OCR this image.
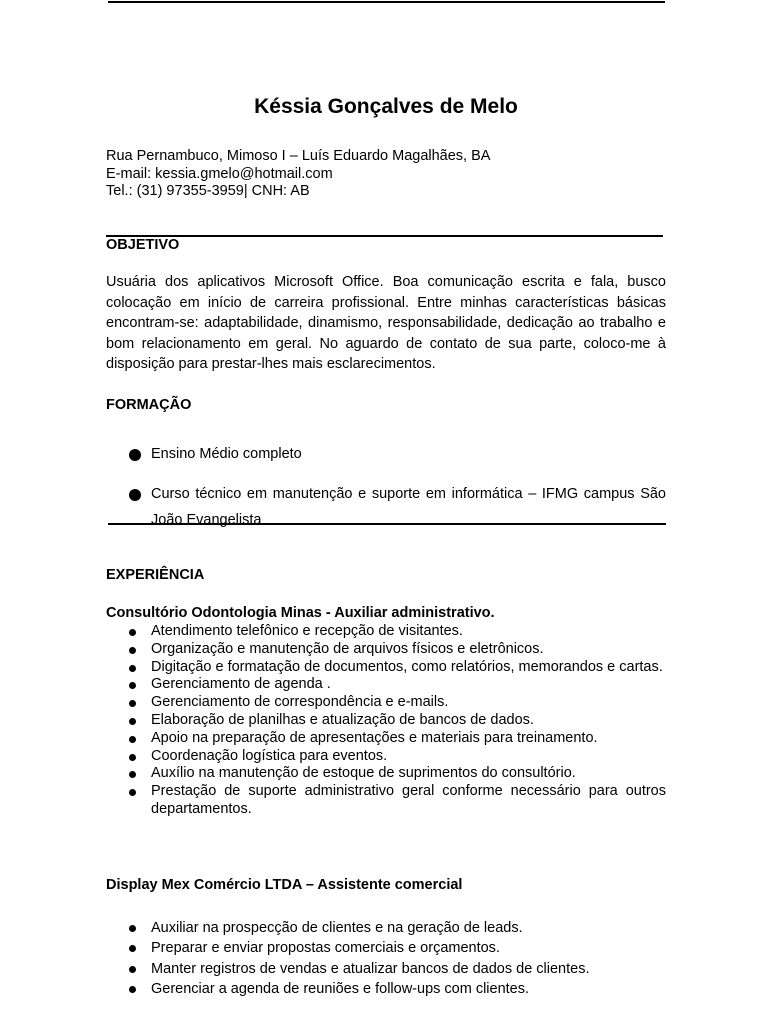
Késsia Gonçalves de Melo
Rua Pernambuco, Mimoso I – Luís Eduardo Magalhães, BA
E-mail: kessia.gmelo@hotmail.com
Tel.: (31) 97355-3959| CNH: AB
OBJETIVO

Usuária dos aplicativos Microsoft Office. Boa comunicação escrita e fala, busco colocação em início de carreira profissional. Entre minhas características básicas encontram-se: adaptabilidade, dinamismo, responsabilidade, dedicação ao trabalho e bom relacionamento em geral. No aguardo de contato de sua parte, coloco-me à disposição para prestar-lhes mais esclarecimentos.

FORMAÇÃO
Ensino Médio completo
Curso técnico em manutenção e suporte em informática – IFMG campus São João Evangelista
EXPERIÊNCIA
Consultório Odontologia Minas - Auxiliar administrativo.
Atendimento telefônico e recepção de visitantes.
Organização e manutenção de arquivos físicos e eletrônicos.
Digitação e formatação de documentos, como relatórios, memorandos e cartas.
Gerenciamento de agenda .
Gerenciamento de correspondência e e-mails.
Elaboração de planilhas e atualização de bancos de dados.
Apoio na preparação de apresentações e materiais para treinamento.
Coordenação logística para eventos.
Auxílio na manutenção de estoque de suprimentos do consultório.
Prestação de suporte administrativo geral conforme necessário para outros departamentos.
Display Mex Comércio LTDA – Assistente comercial
Auxiliar na prospecção de clientes e na geração de leads.
Preparar e enviar propostas comerciais e orçamentos.
Manter registros de vendas e atualizar bancos de dados de clientes.
Gerenciar a agenda de reuniões e follow-ups com clientes.
